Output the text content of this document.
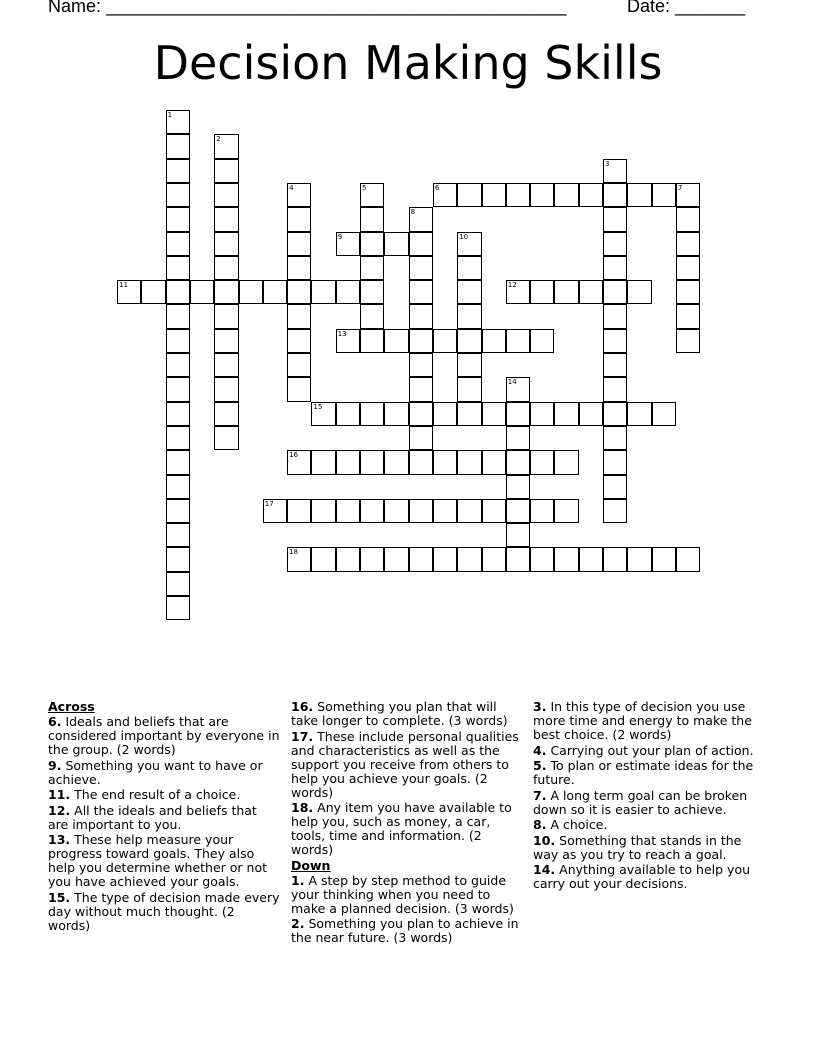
Name: ______________________________________________	Date: _______
Decision Making Skills
1
2
3
4	5	6	7
8
9	10
11	12
13
14
15
16
17
18
Across
6. Ideals and beliefs that are considered important by everyone in the group. (2 words)
9. Something you want to have or achieve.
11. The end result of a choice.
12. All the ideals and beliefs that are important to you.
13. These help measure your progress toward goals. They also help you determine whether or not you have achieved your goals.
15. The type of decision made every day without much thought. (2 words)
16. Something you plan that will take longer to complete. (3 words)
17. These include personal qualities and characteristics as well as the support you receive from others to help you achieve your goals. (2 words)
18. Any item you have available to help you, such as money, a car, tools, time and information. (2 words)
Down
1. A step by step method to guide your thinking when you need to make a planned decision. (3 words)
2. Something you plan to achieve in the near future. (3 words)
3. In this type of decision you use more time and energy to make the best choice. (2 words)
4. Carrying out your plan of action.
5. To plan or estimate ideas for the future.
7. A long term goal can be broken down so it is easier to achieve.
8. A choice.
10. Something that stands in the way as you try to reach a goal.
14. Anything available to help you carry out your decisions.
